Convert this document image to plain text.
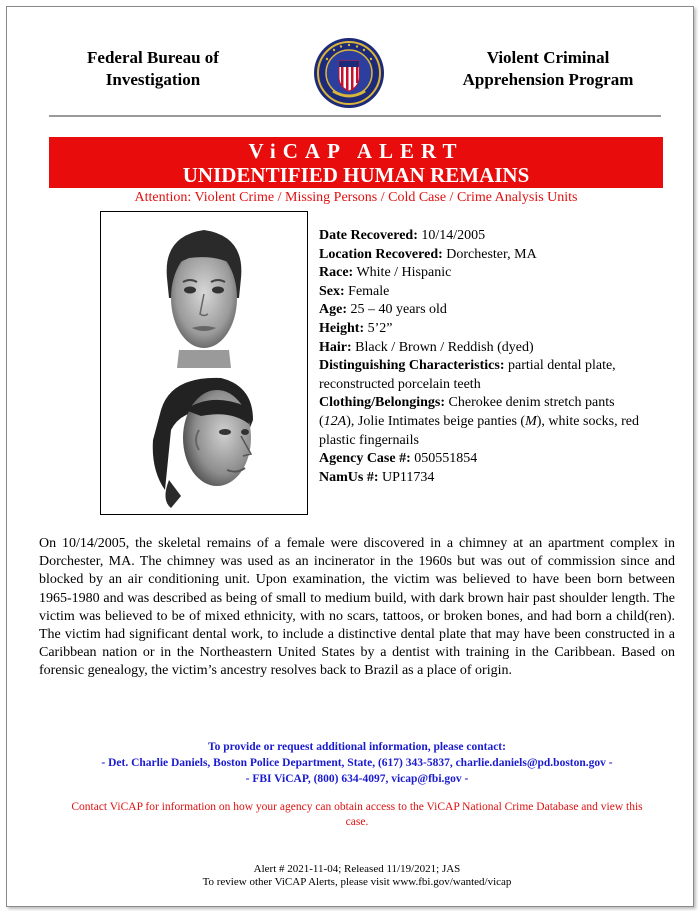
Federal Bureau of
Investigation
Violent Criminal
Apprehension Program
ViCAP ALERT
UNIDENTIFIED HUMAN REMAINS
Attention: Violent Crime / Missing Persons / Cold Case / Crime Analysis Units
Date Recovered: 10/14/2005
Location Recovered: Dorchester, MA
Race: White / Hispanic
Sex: Female
Age: 25 – 40 years old
Height: 5’2”
Hair: Black / Brown / Reddish (dyed)
Distinguishing Characteristics: partial dental plate, reconstructed porcelain teeth
Clothing/Belongings: Cherokee denim stretch pants (12A), Jolie Intimates beige panties (M), white socks, red plastic fingernails
Agency Case #: 050551854
NamUs #: UP11734
On 10/14/2005, the skeletal remains of a female were discovered in a chimney at an apartment complex in Dorchester, MA. The chimney was used as an incinerator in the 1960s but was out of commission since and blocked by an air conditioning unit. Upon examination, the victim was believed to have been born between 1965-1980 and was described as being of small to medium build, with dark brown hair past shoulder length. The victim was believed to be of mixed ethnicity, with no scars, tattoos, or broken bones, and had born a child(ren). The victim had significant dental work, to include a distinctive dental plate that may have been constructed in a Caribbean nation or in the Northeastern United States by a dentist with training in the Caribbean. Based on forensic genealogy, the victim’s ancestry resolves back to Brazil as a place of origin.
To provide or request additional information, please contact:
- Det. Charlie Daniels, Boston Police Department, State, (617) 343-5837, charlie.daniels@pd.boston.gov -
- FBI ViCAP, (800) 634-4097, vicap@fbi.gov -
Contact ViCAP for information on how your agency can obtain access to the ViCAP National Crime Database and view this case.
Alert # 2021-11-04; Released 11/19/2021; JAS
To review other ViCAP Alerts, please visit www.fbi.gov/wanted/vicap
